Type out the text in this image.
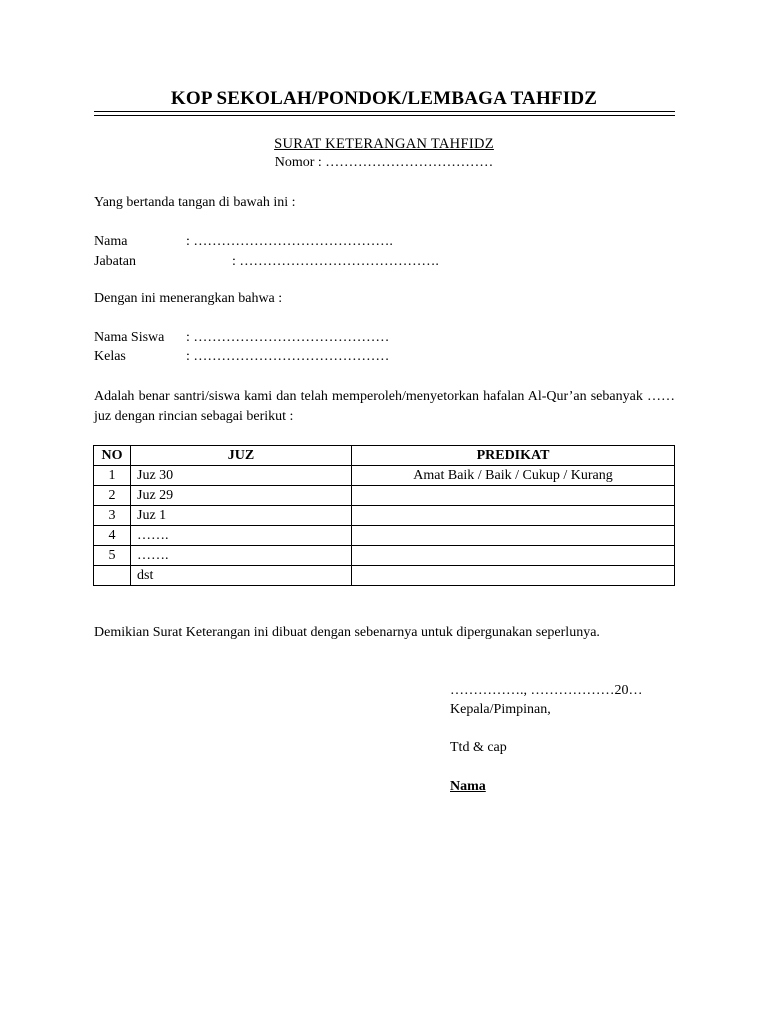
KOP SEKOLAH/PONDOK/LEMBAGA TAHFIDZ
SURAT KETERANGAN TAHFIDZ
Nomor : ………………………………
Yang bertanda tangan di bawah ini :
Nama	: …………………………………….
Jabatan	: …………………………………….
Dengan ini menerangkan bahwa :
Nama Siswa : ……………………………………
Kelas	: ……………………………………
Adalah benar santri/siswa kami dan telah memperoleh/menyetorkan hafalan Al-Qur’an sebanyak …… juz dengan rincian sebagai berikut :
NO	JUZ	PREDIKAT
1	Juz 30	Amat Baik / Baik / Cukup / Kurang
2	Juz 29	
3	Juz 1	
4	…….	
5	…….	
	dst	
Demikian Surat Keterangan ini dibuat dengan sebenarnya untuk dipergunakan seperlunya.
……………., ………………20…
Kepala/Pimpinan,
Ttd & cap
Nama
